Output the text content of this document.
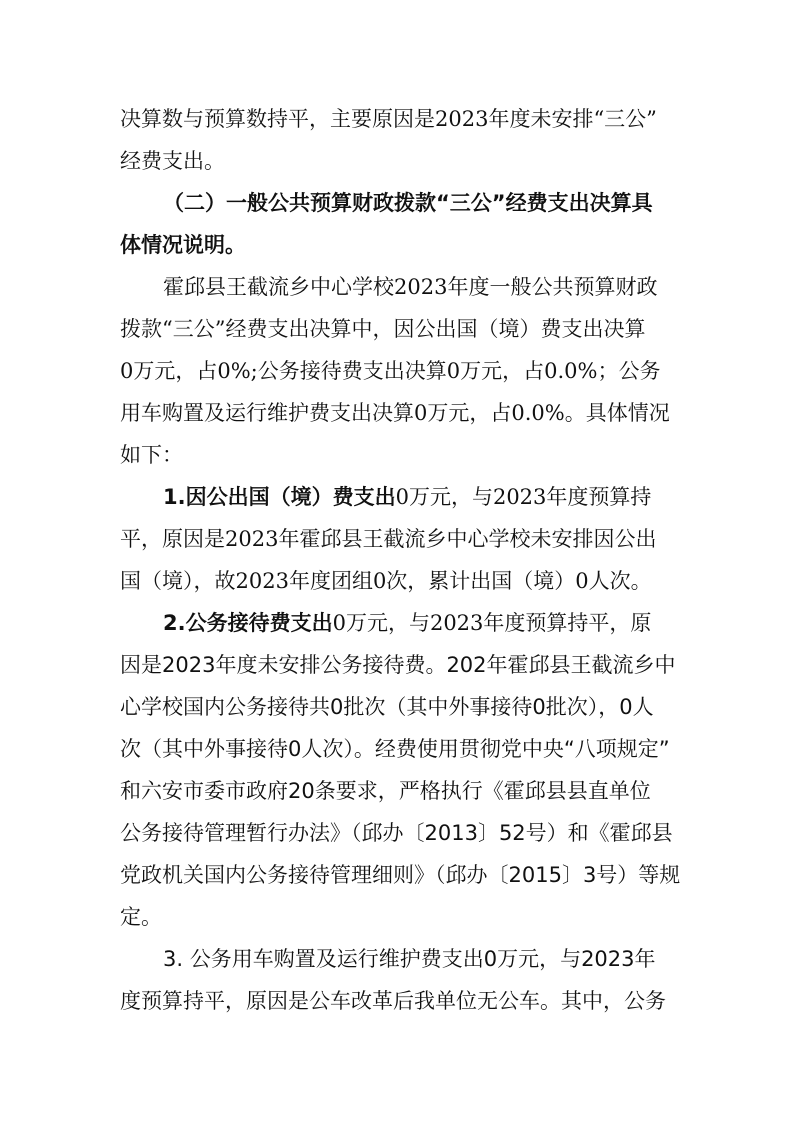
决算数与预算数持平，主要原因是2023年度未安排“三公”
经费支出。
（二）一般公共预算财政拨款“三公”经费支出决算具
体情况说明。
霍邱县王截流乡中心学校2023年度一般公共预算财政
拨款“三公”经费支出决算中，因公出国（境）费支出决算
0万元，占0%;公务接待费支出决算0万元，占0.0%；公务
用车购置及运行维护费支出决算0万元，占0.0%。具体情况
如下：
1.因公出国（境）费支出0万元，与2023年度预算持
平，原因是2023年霍邱县王截流乡中心学校未安排因公出
国（境），故2023年度团组0次，累计出国（境）0人次。
2.公务接待费支出0万元，与2023年度预算持平，原
因是2023年度未安排公务接待费。202年霍邱县王截流乡中
心学校国内公务接待共0批次（其中外事接待0批次），0人
次（其中外事接待0人次）。经费使用贯彻党中央“八项规定”
和六安市委市政府20条要求，严格执行《霍邱县县直单位
公务接待管理暂行办法》（邱办〔2013〕52号）和《霍邱县
党政机关国内公务接待管理细则》（邱办〔2015〕3号）等规
定。
3. 公务用车购置及运行维护费支出0万元，与2023年
度预算持平，原因是公车改革后我单位无公车。其中，公务
